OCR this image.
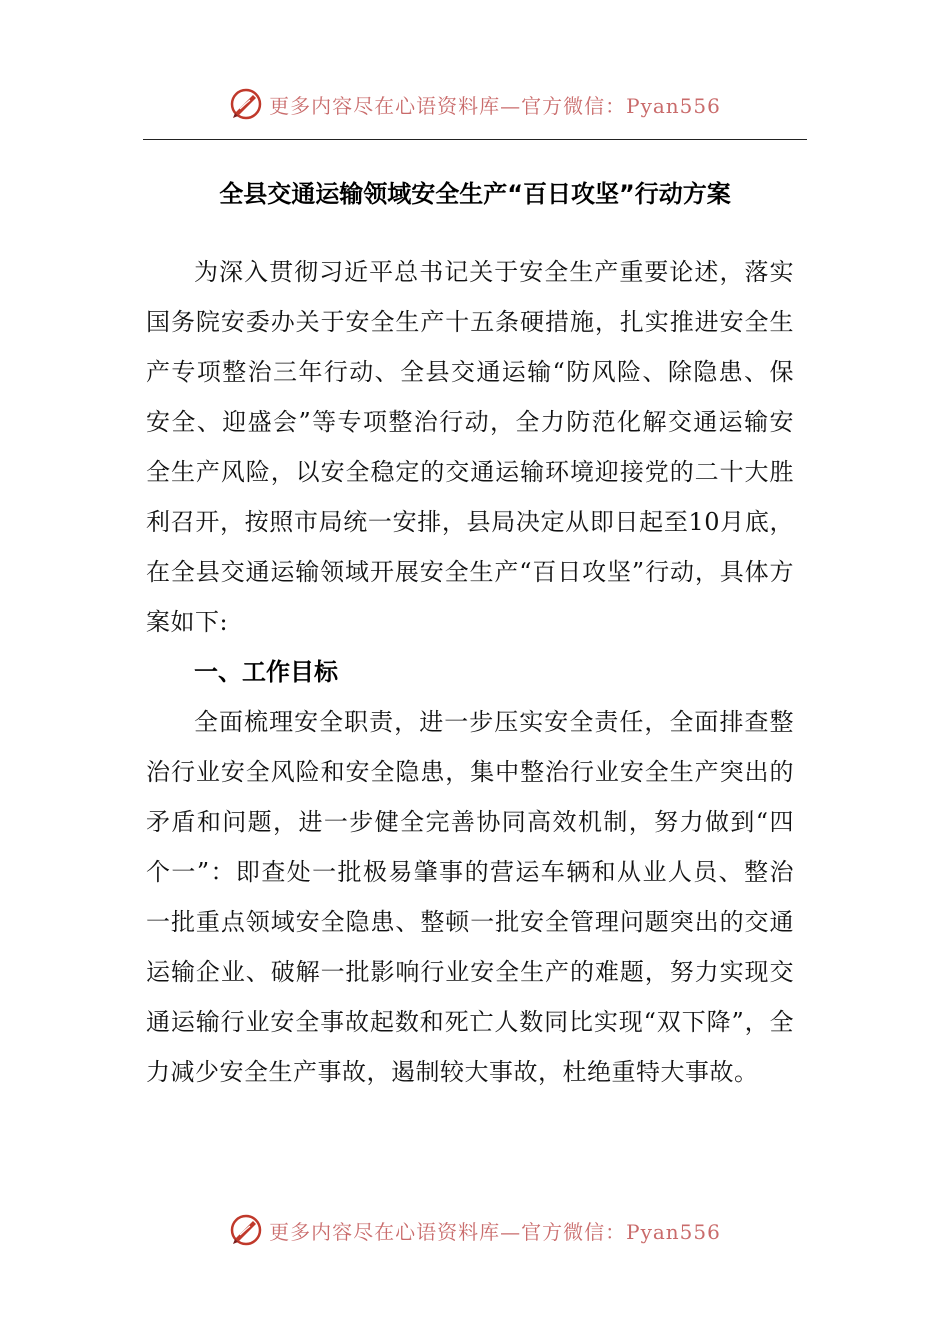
更多内容尽在心语资料库—官方微信：Pyan556
全县交通运输领域安全生产“百日攻坚”行动方案

为深入贯彻习近平总书记关于安全生产重要论述，落实国务院安委办关于安全生产十五条硬措施，扎实推进安全生产专项整治三年行动、全县交通运输“防风险、除隐患、保安全、迎盛会”等专项整治行动，全力防范化解交通运输安全生产风险，以安全稳定的交通运输环境迎接党的二十大胜利召开，按照市局统一安排，县局决定从即日起至10月底，在全县交通运输领域开展安全生产“百日攻坚”行动，具体方案如下:

一、工作目标

全面梳理安全职责，进一步压实安全责任，全面排查整治行业安全风险和安全隐患，集中整治行业安全生产突出的矛盾和问题，进一步健全完善协同高效机制，努力做到“四个一”：即查处一批极易肇事的营运车辆和从业人员、整治一批重点领域安全隐患、整顿一批安全管理问题突出的交通运输企业、破解一批影响行业安全生产的难题，努力实现交通运输行业安全事故起数和死亡人数同比实现“双下降”，全力减少安全生产事故，遏制较大事故，杜绝重特大事故。

更多内容尽在心语资料库—官方微信：Pyan556
